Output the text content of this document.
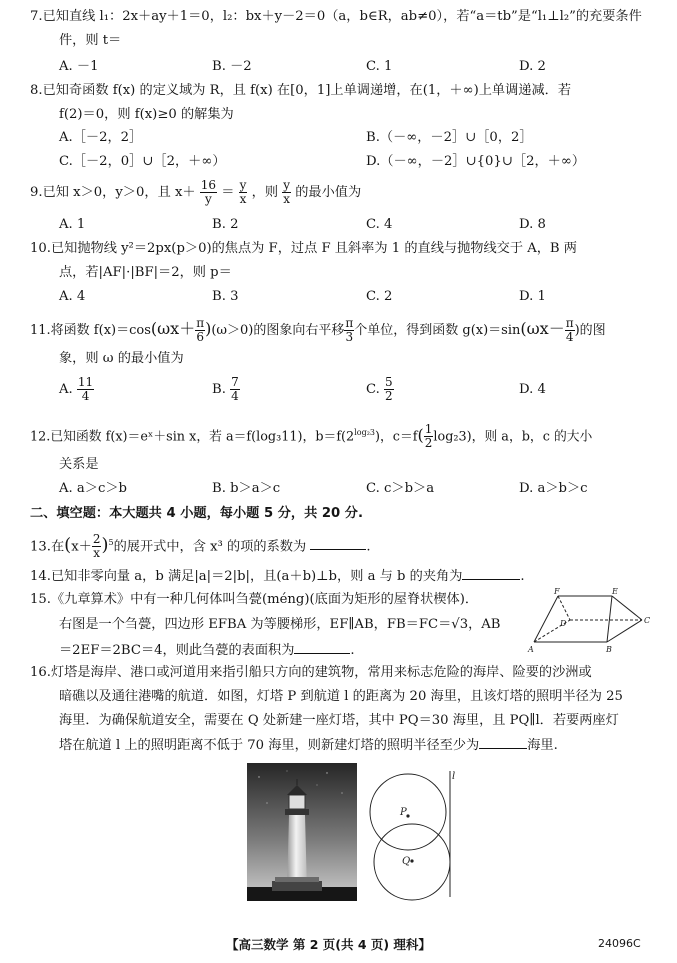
7.已知直线 l₁：2x＋ay＋1＝0，l₂：bx＋y－2＝0（a，b∈R，ab≠0），若“a＝tb”是“l₁⊥l₂”的充要条件
件，则 t＝
A. －1	B. －2	C. 1	D. 2
8.已知奇函数 f(x) 的定义域为 R，且 f(x) 在[0，1]上单调递增，在(1，＋∞)上单调递减．若
f(2)＝0，则 f(x)≥0 的解集为
A.［－2，2］	B.（－∞，－2］∪［0，2］
C.［－2，0］∪［2，＋∞）	D.（－∞，－2］∪{0}∪［2，＋∞）
9.已知 x＞0，y＞0，且 $x+ \frac{16}{y} = \frac{y}{x}$ ，则 $\frac{y}{x}$ 的最小值为
A. 1	B. 2	C. 4	D. 8
10.已知抛物线 y²＝2px(p＞0)的焦点为 F，过点 F 且斜率为 1 的直线与抛物线交于 A，B 两
点，若|AF|·|BF|＝2，则 p＝
A. 4	B. 3	C. 2	D. 1
11.将函数 $f(x)=\cos(\omega x+ \frac{\pi}{6} )(\omega>0)$的图象向右平移 $\frac{\pi}{3}$ 个单位，得到函数 $g(x)=\sin(\omega x- \frac{\pi}{4}$ )的图
象，则 ω 的最小值为
A. $\frac{11}{4}$	B. $\frac{7}{4}$	C. $\frac{5}{2}$	D. 4
12.已知函数 f(x)＝eˣ＋sin x，若 a＝f(log₃11)，$b=f(2^{log_23})$，$c=f( \frac{1}{2} \log_23)$，则 a，b，c 的大小
关系是
A. a＞c＞b	B. b＞a＞c	C. c＞b＞a	D. a＞b＞c
二、填空题：本大题共 4 小题，每小题 5 分，共 20 分.
13.在$(x+ \frac{2}{x} )^5$的展开式中，含 x³ 的项的系数为	.
14.已知非零向量 a，b 满足|a|＝2|b|，且(a＋b)⊥b，则 a 与 b 的夹角为	.
15.《九章算术》中有一种几何体叫刍甍(méng)(底面为矩形的屋脊状楔体)．
右图是一个刍甍，四边形 EFBA 为等腰梯形，EF∥AB，FB＝FC＝√3，AB
＝2EF＝2BC＝4，则此刍甍的表面积为	.
F	E
D	C
A	B
16.灯塔是海岸、港口或河道用来指引船只方向的建筑物，常用来标志危险的海岸、险要的沙洲或
暗礁以及通往港嘴的航道．如图，灯塔 P 到航道 l 的距离为 20 海里，且该灯塔的照明半径为 25
海里．为确保航道安全，需要在 Q 处新建一座灯塔，其中 PQ＝30 海里，且 PQ∥l．若要两座灯
塔在航道 l 上的照明距离不低于 70 海里，则新建灯塔的照明半径至少为	海里.
l
P
Q
【高三数学 第 2 页(共 4 页) 理科】	24096C
